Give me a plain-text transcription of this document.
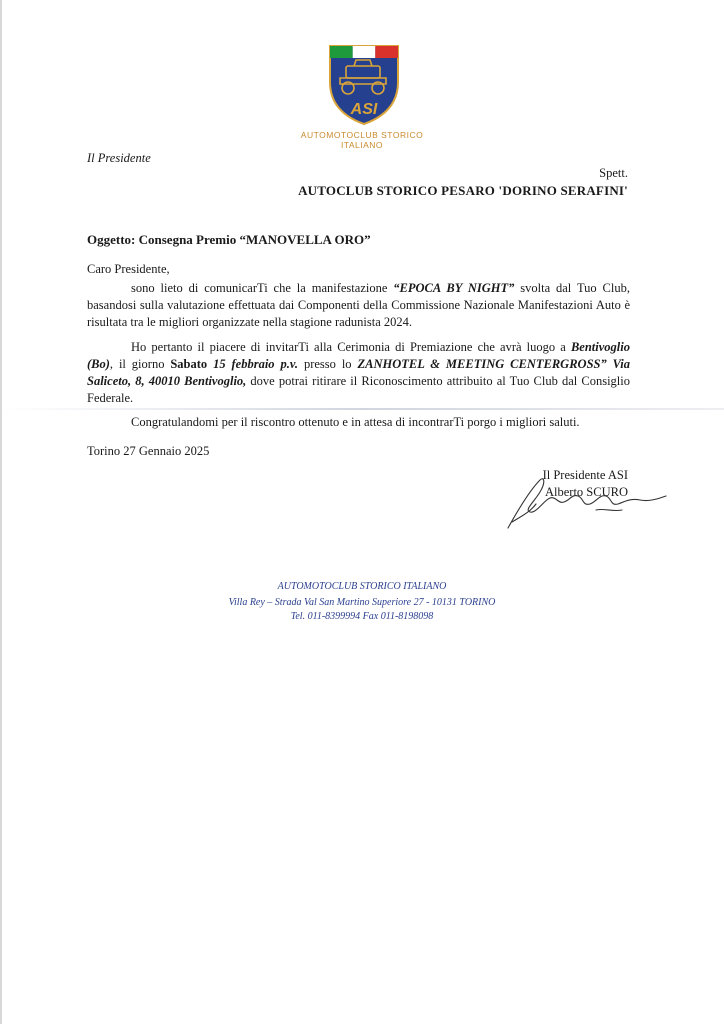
ASI
AUTOMOTOCLUB STORICO
ITALIANO
Il Presidente
Spett.
AUTOCLUB STORICO PESARO 'DORINO SERAFINI'
Oggetto: Consegna Premio “MANOVELLA ORO”
Caro Presidente,

sono lieto di comunicarTi che la manifestazione “EPOCA BY NIGHT” svolta dal Tuo Club, basandosi sulla valutazione effettuata dai Componenti della Commissione Nazionale Manifestazioni Auto è risultata tra le migliori organizzate nella stagione radunista 2024.

Ho pertanto il piacere di invitarTi alla Cerimonia di Premiazione che avrà luogo a Bentivoglio (Bo), il giorno Sabato 15 febbraio p.v. presso lo ZANHOTEL & MEETING CENTERGROSS” Via Saliceto, 8, 40010 Bentivoglio, dove potrai ritirare il Riconoscimento attribuito al Tuo Club dal Consiglio Federale.

Congratulandomi per il riscontro ottenuto e in attesa di incontrarTi porgo i migliori saluti.

Torino 27 Gennaio 2025
Il Presidente ASI
Alberto SCURO
AUTOMOTOCLUB STORICO ITALIANO
Villa Rey – Strada Val San Martino Superiore 27 - 10131 TORINO
Tel. 011-8399994 Fax 011-8198098
